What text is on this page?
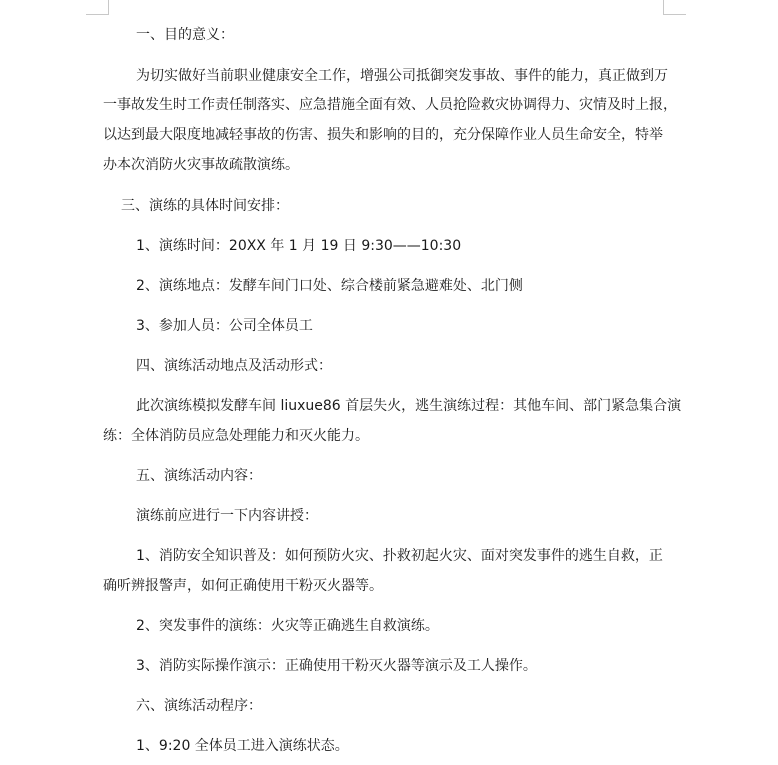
一、目的意义：
为切实做好当前职业健康安全工作，增强公司抵御突发事故、事件的能力，真正做到万
一事故发生时工作责任制落实、应急措施全面有效、人员抢险救灾协调得力、灾情及时上报，
以达到最大限度地减轻事故的伤害、损失和影响的目的，充分保障作业人员生命安全，特举
办本次消防火灾事故疏散演练。
三、演练的具体时间安排：
1、演练时间：20XX 年 1 月 19 日 9:30——10:30
2、演练地点：发酵车间门口处、综合楼前紧急避难处、北门侧
3、参加人员：公司全体员工
四、演练活动地点及活动形式：
此次演练模拟发酵车间 liuxue86 首层失火，逃生演练过程：其他车间、部门紧急集合演
练：全体消防员应急处理能力和灭火能力。
五、演练活动内容：
演练前应进行一下内容讲授：
1、消防安全知识普及：如何预防火灾、扑救初起火灾、面对突发事件的逃生自救，正
确听辨报警声，如何正确使用干粉灭火器等。
2、突发事件的演练：火灾等正确逃生自救演练。
3、消防实际操作演示：正确使用干粉灭火器等演示及工人操作。
六、演练活动程序：
1、9:20 全体员工进入演练状态。
